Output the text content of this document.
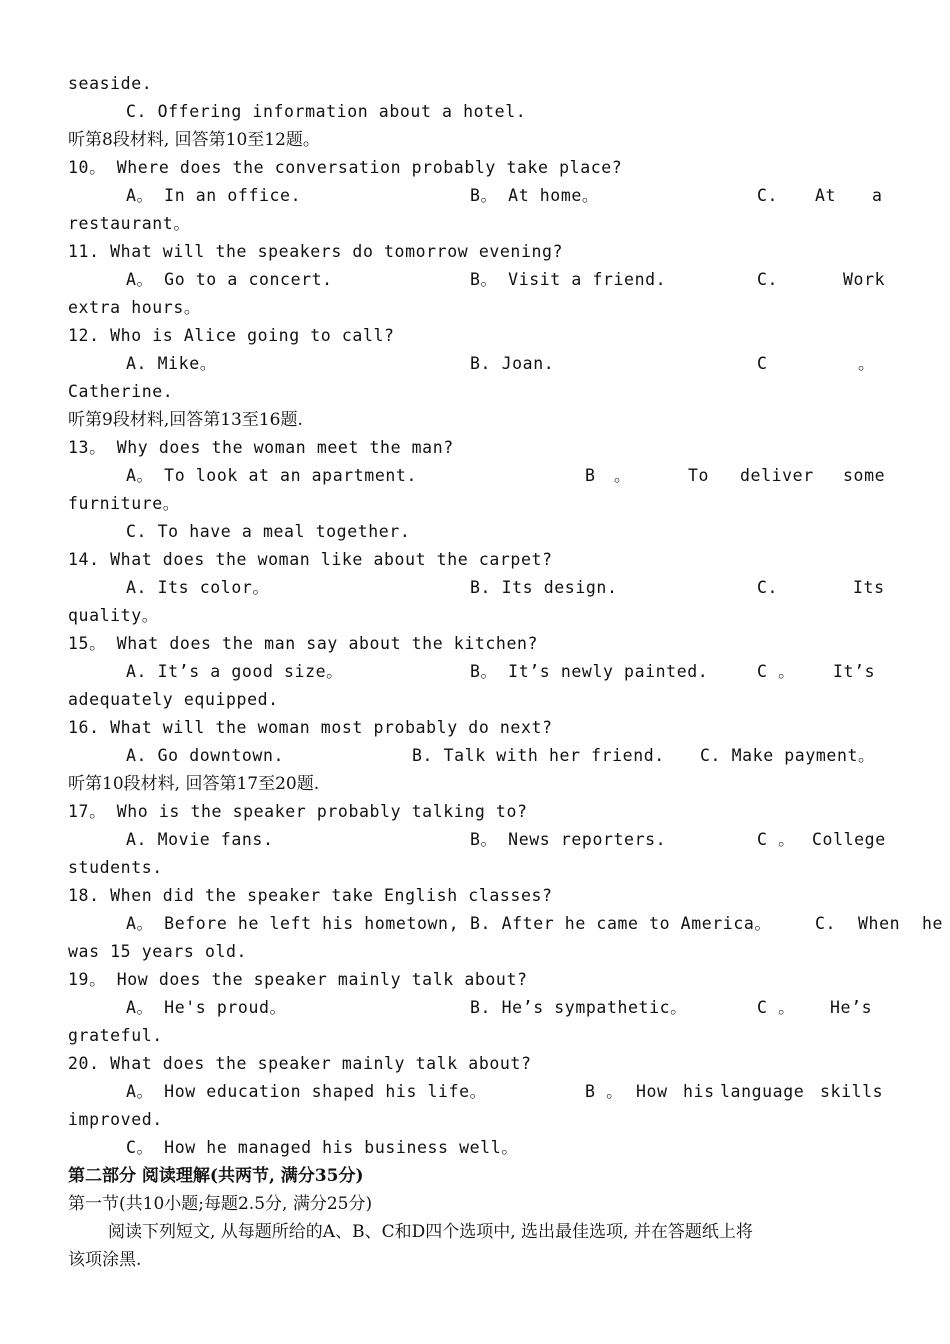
seaside.
C. Offering information about a hotel.
听第8段材料, 回答第10至12题。
10。 Where does the conversation probably take place?
A。 In an office.	B。 At home。	C. At a
restaurant。
11. What will the speakers do tomorrow evening?
A。 Go to a concert.	B。 Visit a friend.	C.	Work
extra hours。
12. Who is Alice going to call?
A. Mike。	B. Joan.	C	。
Catherine.
听第9段材料,回答第13至16题.
13。 Why does the woman meet the man?
A。 To look at an apartment.	B 。	To deliver some
furniture。
C. To have a meal together.
14. What does the woman like about the carpet?
A. Its color。	B. Its design.	C.	Its
quality。
15。 What does the man say about the kitchen?
A. It’s a good size。	B。 It’s newly painted.	C 。 It’s
adequately equipped.
16. What will the woman most probably do next?
A. Go downtown.	B. Talk with her friend. C. Make payment。
听第10段材料, 回答第17至20题.
17。 Who is the speaker probably talking to?
A. Movie fans.	B。 News reporters.	C 。 College
students.
18. When did the speaker take English classes?
A。 Before he left his hometown, B. After he came to America。	C. When he
was 15 years old.
19。 How does the speaker mainly talk about?
A。 He's proud。	B. He’s sympathetic。	C 。 He’s
grateful.
20. What does the speaker mainly talk about?
A。 How education shaped his life。	B 。 How his language skills
improved.
C。 How he managed his business well。
第二部分 阅读理解(共两节, 满分35分)
第一节(共10小题;每题2.5分, 满分25分)
阅读下列短文, 从每题所给的A、B、C和D四个选项中, 选出最佳选项, 并在答题纸上将
该项涂黑.
